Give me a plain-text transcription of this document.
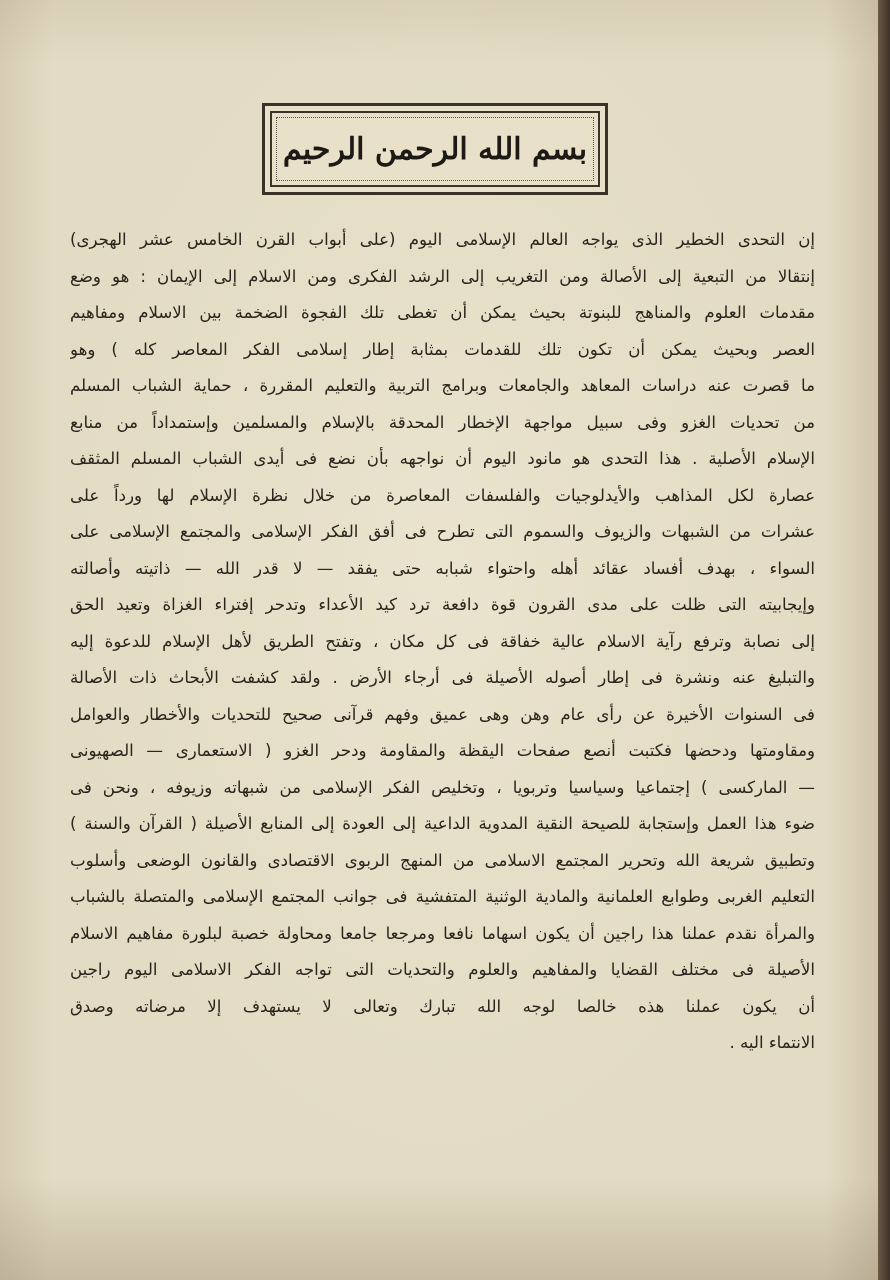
بسم الله الرحمن الرحيم
إن التحدى الخطير الذى يواجه العالم الإسلامى اليوم (على أبواب القرن الخامس عشر الهجرى)
إنتقالا من التبعية إلى الأصالة ومن التغريب إلى الرشد الفكرى ومن الاسلام إلى الإيمان : هو وضع
مقدمات العلوم والمناهج للبنوتة بحيث يمكن أن تغطى تلك الفجوة الضخمة بين الاسلام ومفاهيم
العصر وبحيث يمكن أن تكون تلك للقدمات بمثابة إطار إسلامى الفكر المعاصر كله ) وهو
ما قصرت عنه دراسات المعاهد والجامعات وبرامج التربية والتعليم المقررة ، حماية الشباب المسلم
من تحديات الغزو وفى سبيل مواجهة الإخطار المحدقة بالإسلام والمسلمين وإستمداداً من منابع
الإسلام الأصلية . هذا التحدى هو مانود اليوم أن نواجهه بأن نضع فى أيدى الشباب المسلم المثقف
عصارة لكل المذاهب والأيدلوجيات والفلسفات المعاصرة من خلال نظرة الإسلام لها ورداً على
عشرات من الشبهات والزيوف والسموم التى تطرح فى أفق الفكر الإسلامى والمجتمع الإسلامى على
السواء ، بهدف أفساد عقائد أهله واحتواء شبابه حتى يفقد — لا قدر الله — ذاتيته وأصالته
وإيجابيته التى ظلت على مدى القرون قوة دافعة ترد كيد الأعداء وتدحر إفتراء الغزاة وتعيد الحق
إلى نصابة وترفع رآية الاسلام عالية خفاقة فى كل مكان ، وتفتح الطريق لأهل الإسلام للدعوة إليه
والتبليغ عنه ونشرة فى إطار أصوله الأصيلة فى أرجاء الأرض . ولقد كشفت الأبحاث ذات الأصالة
فى السنوات الأخيرة عن رأى عام وهن وهى عميق وفهم قرآنى صحيح للتحديات والأخطار والعوامل
ومقاومتها ودحضها فكتبت أنصع صفحات اليقظة والمقاومة ودحر الغزو ( الاستعمارى — الصهيونى
— الماركسى ) إجتماعيا وسياسيا وتربويا ، وتخليص الفكر الإسلامى من شبهاته وزيوفه ، ونحن فى
ضوء هذا العمل وإستجابة للصيحة النقية المدوية الداعية إلى العودة إلى المنابع الأصيلة ( القرآن والسنة )
وتطبيق شريعة الله وتحرير المجتمع الاسلامى من المنهج الربوى الاقتصادى والقانون الوضعى وأسلوب
التعليم الغربى وطوابع العلمانية والمادية الوثنية المتفشية فى جوانب المجتمع الإسلامى والمتصلة بالشباب
والمرأة نقدم عملنا هذا راجين أن يكون اسهاما نافعا ومرجعا جامعا ومحاولة خصبة لبلورة مفاهيم الاسلام
الأصيلة فى مختلف القضايا والمفاهيم والعلوم والتحديات التى تواجه الفكر الاسلامى اليوم راجين
أن يكون عملنا هذه خالصا لوجه الله تبارك وتعالى لا يستهدف إلا مرضاته وصدق
الانتماء اليه .
